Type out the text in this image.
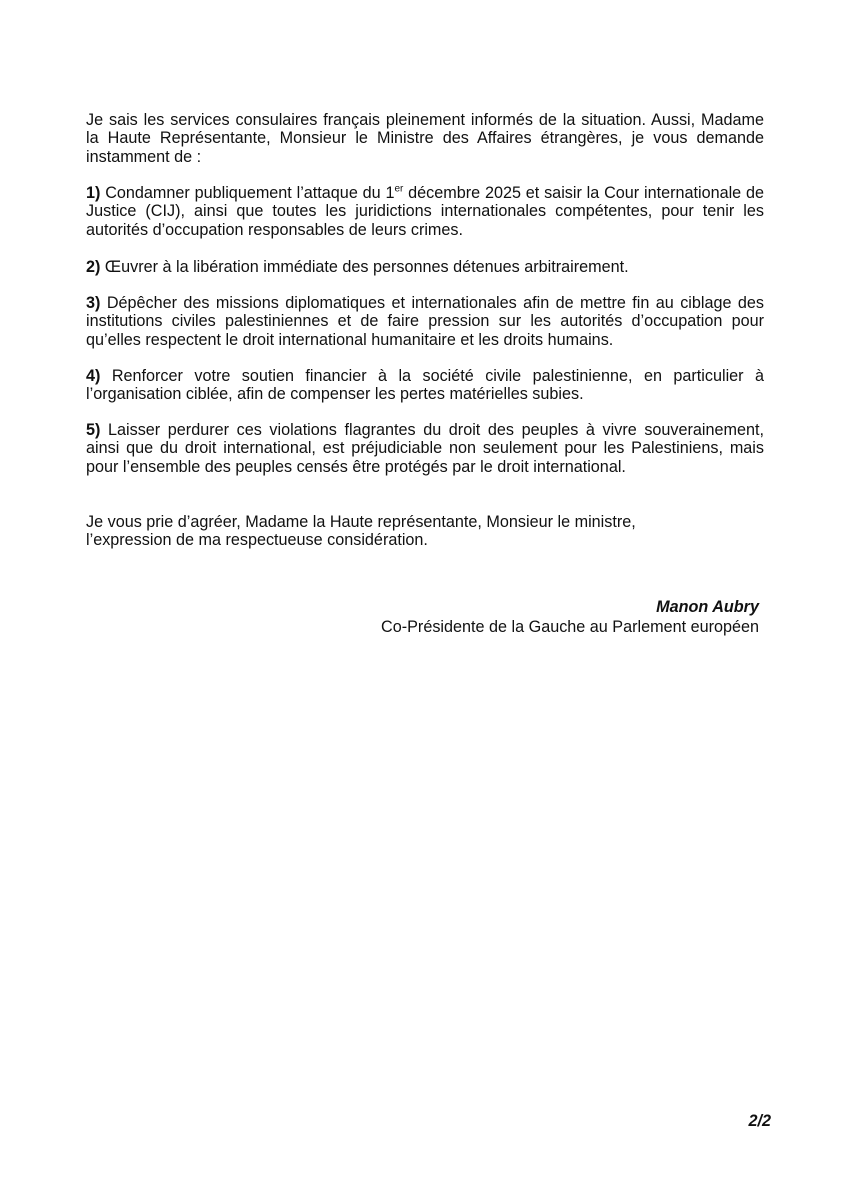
Je sais les services consulaires français pleinement informés de la situation. Aussi, Madame la Haute Représentante, Monsieur le Ministre des Affaires étrangères, je vous demande instamment de :

1) Condamner publiquement l’attaque du 1er décembre 2025 et saisir la Cour internationale de Justice (CIJ), ainsi que toutes les juridictions internationales compétentes, pour tenir les autorités d’occupation responsables de leurs crimes.

2) Œuvrer à la libération immédiate des personnes détenues arbitrairement.

3) Dépêcher des missions diplomatiques et internationales afin de mettre fin au ciblage des institutions civiles palestiniennes et de faire pression sur les autorités d’occupation pour qu’elles respectent le droit international humanitaire et les droits humains.

4) Renforcer votre soutien financier à la société civile palestinienne, en particulier à l’organisation ciblée, afin de compenser les pertes matérielles subies.

5) Laisser perdurer ces violations flagrantes du droit des peuples à vivre souverainement, ainsi que du droit international, est préjudiciable non seulement pour les Palestiniens, mais pour l’ensemble des peuples censés être protégés par le droit international.

Je vous prie d’agréer, Madame la Haute représentante, Monsieur le ministre,
l’expression de ma respectueuse considération.

Manon Aubry
Co-Présidente de la Gauche au Parlement européen

2/2
